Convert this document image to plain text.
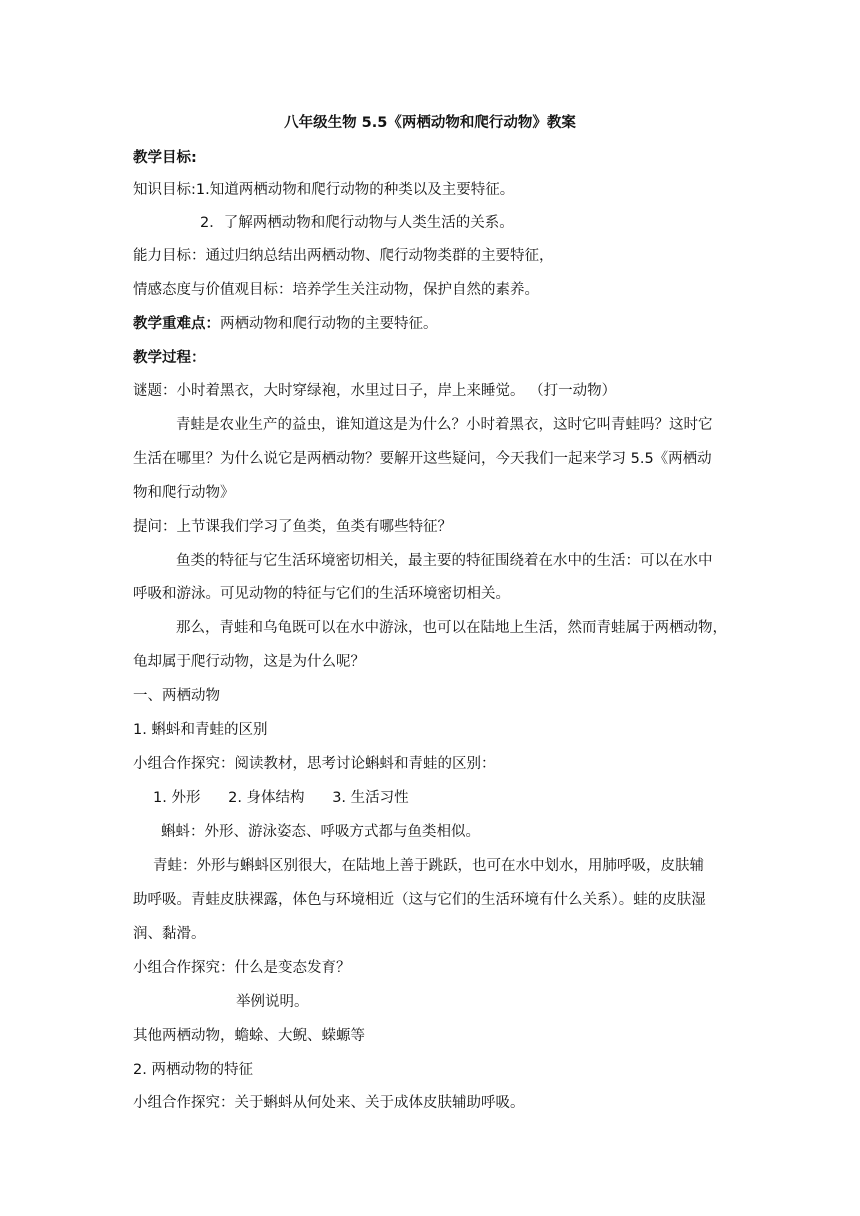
八年级生物 5.5《两栖动物和爬行动物》教案
教学目标:
知识目标:1.知道两栖动物和爬行动物的种类以及主要特征。
2．了解两栖动物和爬行动物与人类生活的关系。
能力目标：通过归纳总结出两栖动物、爬行动物类群的主要特征，
情感态度与价值观目标：培养学生关注动物，保护自然的素养。
教学重难点：两栖动物和爬行动物的主要特征。
教学过程：
谜题：小时着黑衣，大时穿绿袍，水里过日子，岸上来睡觉。 （打一动物）
青蛙是农业生产的益虫，谁知道这是为什么？小时着黑衣，这时它叫青蛙吗？这时它
生活在哪里？为什么说它是两栖动物？要解开这些疑问，今天我们一起来学习 5.5《两栖动
物和爬行动物》
提问：上节课我们学习了鱼类，鱼类有哪些特征？
鱼类的特征与它生活环境密切相关，最主要的特征围绕着在水中的生活：可以在水中
呼吸和游泳。可见动物的特征与它们的生活环境密切相关。
那么，青蛙和乌龟既可以在水中游泳，也可以在陆地上生活，然而青蛙属于两栖动物，
龟却属于爬行动物，这是为什么呢？
一、两栖动物
1. 蝌蚪和青蛙的区别
小组合作探究：阅读教材，思考讨论蝌蚪和青蛙的区别：
1. 外形      2. 身体结构      3. 生活习性
蝌蚪：外形、游泳姿态、呼吸方式都与鱼类相似。
青蛙：外形与蝌蚪区别很大，在陆地上善于跳跃，也可在水中划水，用肺呼吸，皮肤辅
助呼吸。青蛙皮肤裸露，体色与环境相近（这与它们的生活环境有什么关系）。蛙的皮肤湿
润、黏滑。
小组合作探究：什么是变态发育？
举例说明。
其他两栖动物，蟾蜍、大鲵、蝾螈等
2. 两栖动物的特征
小组合作探究：关于蝌蚪从何处来、关于成体皮肤辅助呼吸。
